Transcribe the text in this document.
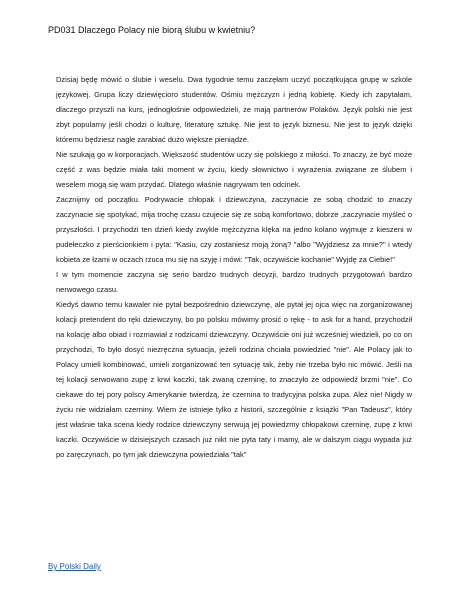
PD031 Dlaczego Polacy nie biorą ślubu w kwietniu?

Dzisiaj będę mówić o ślubie i weselu. Dwa tygodnie temu zaczęłam uczyć początkująca grupę w szkole językowej. Grupa liczy dziewięciorо studentów. Ośmiu mężczyzn i jedną kobietę. Kiedy ich zapytałam, dlaczego przyszli na kurs, jednogłośnie odpowiedzieli, że mają partnerów Polaków. Język polski nie jest zbyt popularny jeśli chodzi o kulturę, literaturę sztukę. Nie jest to język biznesu. Nie jest to język dzięki któremu będziesz nagle zarabiać dużo większe pieniądze.

Nie szukają go w korporacjach. Większość studentów uczy się polskiego z miłości. To znaczy, że być może część z was będzie miała taki moment w życiu, kiedy słownictwo i wyrażenia związane ze ślubem i weselem mogą się wam przydać. Dlatego właśnie nagrywam ten odcinek.

Zacznijmy od początku. Podrywacie chłopak i dziewczyna, zaczynacie ze sobą chodzić to znaczy zaczynacie się spotykać, mija trochę czasu czujecie się ze sobą komfortowo, dobrze ,zaczynacie myśleć o przyszłości. I przychodzi ten dzień kiedy zwykle mężczyzna klęka na jedno kolano wyjmuje z kieszeni w pudełeczko z pierścionkiem i pyta: "Kasiu, czy zostaniesz moją żoną? "albo "Wyjdziesz za mnie?" i wtedy kobieta ze łzami w oczach rzuca mu się na szyję i mówi: "Tak, oczywiście kochanie" Wyjdę za Ciebie!"

I w tym momencie zaczyna się serio bardzo trudnych decyzji, bardzo trudnych przygotowań bardzo nerwowego czasu.

Kiedyś dawno temu kawaler nie pytał bezpośrednio dziewczynę, ale pytał jej ojca więc na zorganizowanej kolacji pretendent do ręki dziewczyny, bo po polsku mówimy prosić o rękę - to ask for a hand, przychodził na kolację albo obiad i rozmawiał z rodzicami dziewczyny. Oczywiście oni już wcześniej wiedzieli, po co on przychodzi, To było dosyć niezręczna sytuacja, jeżeli rodzina chciała powiedzieć "nie". Ale Polacy jak to Polacy umieli kombinować, umieli zorganizować ten sytuację tak, żeby nie trzeba było nic mówić. Jeśli na tej kolacji serwowano zupę z krwi kaczki, tak zwaną czerninę, to znaczyło że odpowiedź brzmi "nie". Co ciekawe do tej pory polscy Amerykanie twierdzą, że czernina to tradycyjna polska zupa. Ależ nie! Nigdy w życiu nie widziałam czerniny. Wiem że istnieje tylko z historii, szczególnie z książki "Pan Tadeusz", który jest właśnie taka scena kiedy rodzice dziewczyny serwują jej powiedzmy chłopakowi czerninę, zupę z krwi kaczki. Oczywiście w dzisiejszych czasach już nikt nie pyta taty i mamy, ale w dalszym ciągu wypada już po zaręczynach, po tym jak dziewczyna powiedziała "tak"

By Polski Daily
